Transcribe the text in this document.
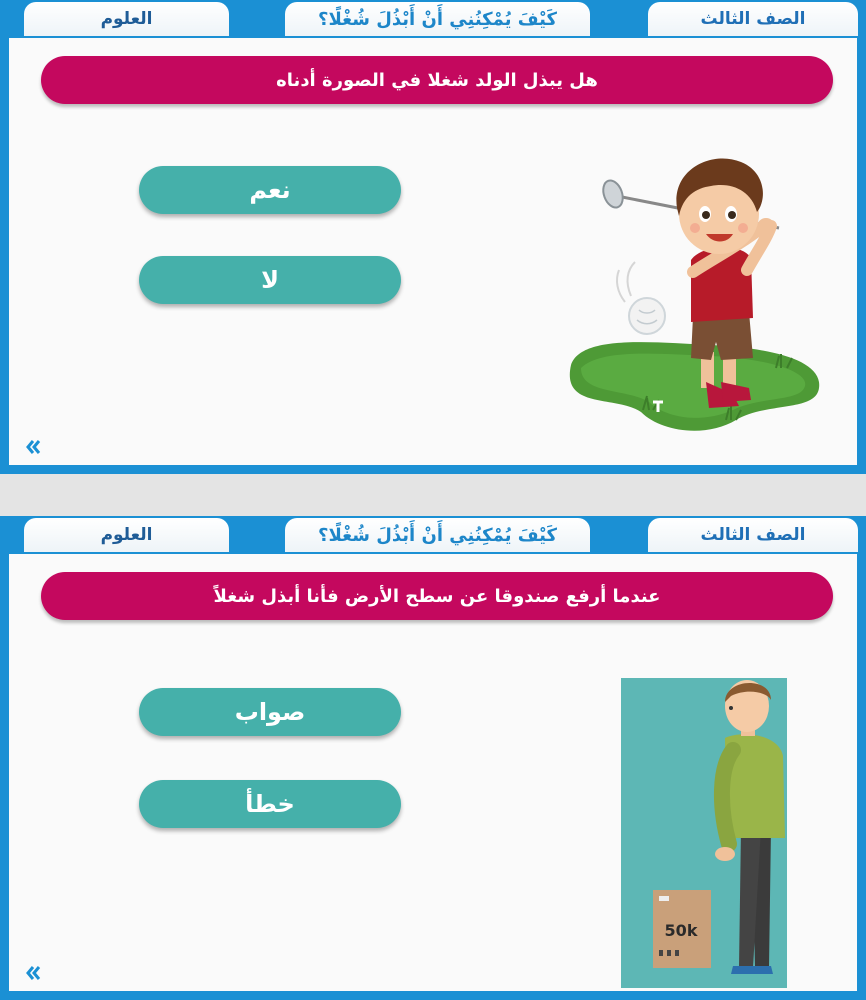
الصف الثالث
كَيْفَ يُمْكِنُنِي أَنْ أَبْذُلَ شُغْلًا؟
العلوم
هل يبذل الولد شغلا في الصورة أدناه
نعم
لا
الصف الثالث
كَيْفَ يُمْكِنُنِي أَنْ أَبْذُلَ شُغْلًا؟
العلوم
عندما أرفع صندوقا عن سطح الأرض فأنا أبذل شغلاً
صواب
خطأ
50k
